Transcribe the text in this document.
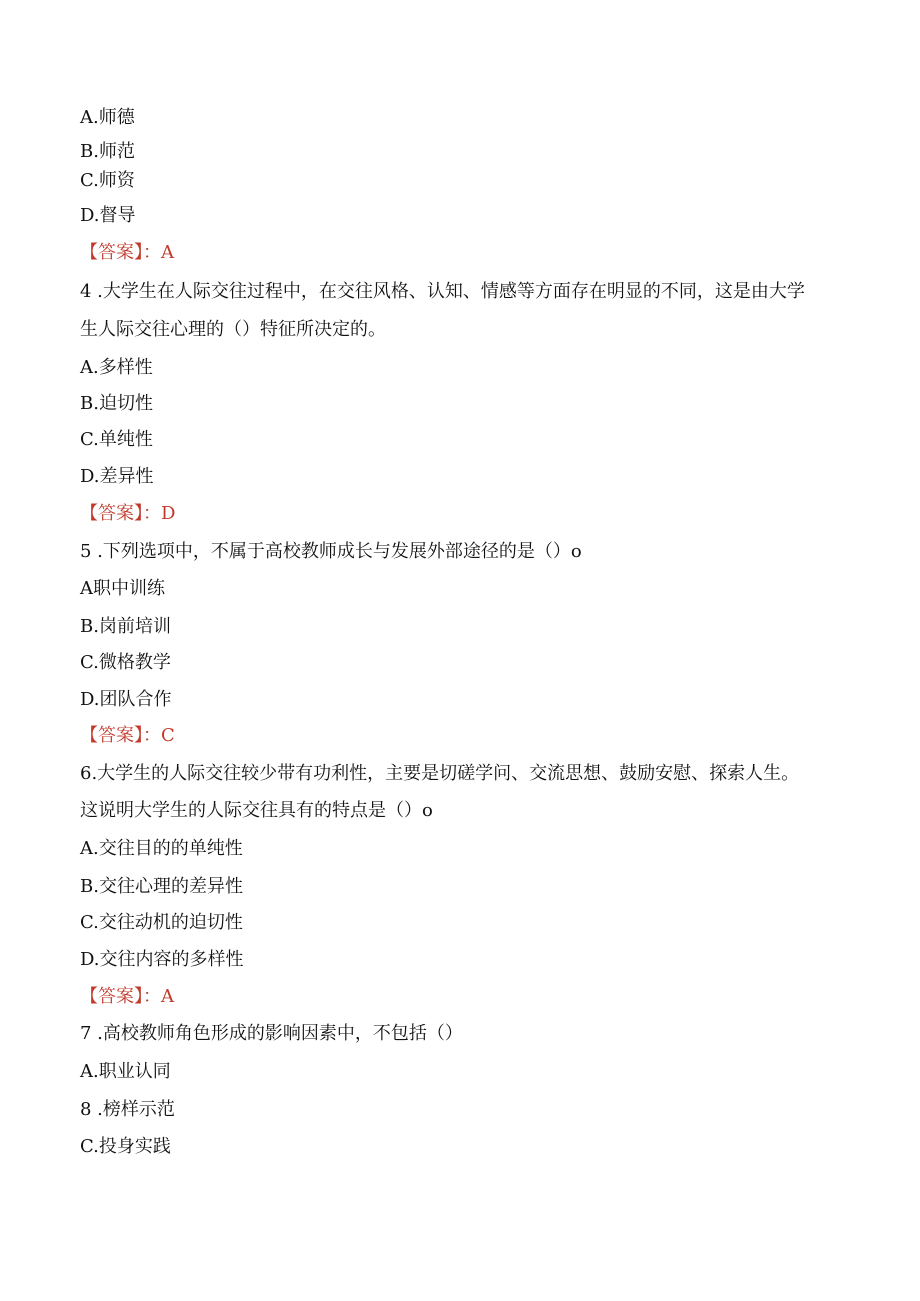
A.师德
B.师范
C.师资
D.督导
【答案】：A
4 .大学生在人际交往过程中，在交往风格、认知、情感等方面存在明显的不同，这是由大学
生人际交往心理的（）特征所决定的。
A.多样性
B.迫切性
C.单纯性
D.差异性
【答案】：D
5 .下列选项中，不属于高校教师成长与发展外部途径的是（）o
A职中训练
B.岗前培训
C.微格教学
D.团队合作
【答案】：C
6.大学生的人际交往较少带有功利性，主要是切磋学问、交流思想、鼓励安慰、探索人生。
这说明大学生的人际交往具有的特点是（）o
A.交往目的的单纯性
B.交往心理的差异性
C.交往动机的迫切性
D.交往内容的多样性
【答案】：A
7 .高校教师角色形成的影响因素中，不包括（）
A.职业认同
8 .榜样示范
C.投身实践
